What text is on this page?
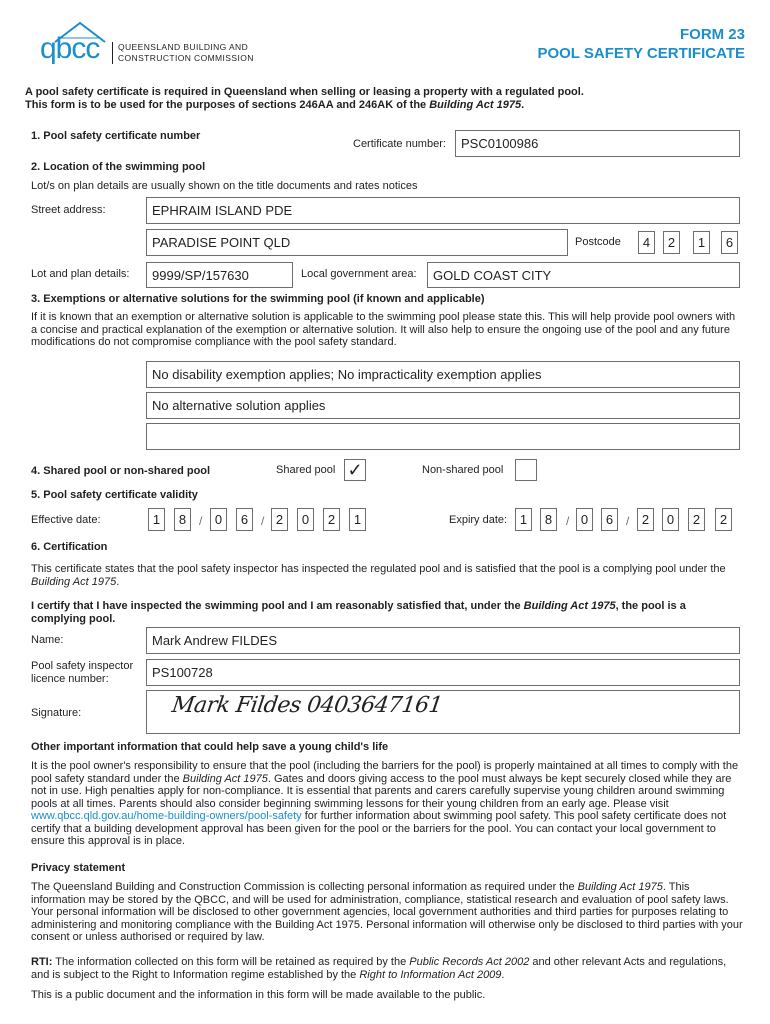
qbcc QUEENSLAND BUILDING AND
CONSTRUCTION COMMISSION
FORM 23
POOL SAFETY CERTIFICATE
A pool safety certificate is required in Queensland when selling or leasing a property with a regulated pool.
This form is to be used for the purposes of sections 246AA and 246AK of the Building Act 1975.
1. Pool safety certificate number
Certificate number:	PSC0100986
2. Location of the swimming pool
Lot/s on plan details are usually shown on the title documents and rates notices
Street address:	EPHRAIM ISLAND PDE
PARADISE POINT QLD	Postcode	4	2	1	6
Lot and plan details:	9999/SP/157630	Local government area:	GOLD COAST CITY
3. Exemptions or alternative solutions for the swimming pool (if known and applicable)
If it is known that an exemption or alternative solution is applicable to the swimming pool please state this. This will help provide pool owners with a concise and practical explanation of the exemption or alternative solution. It will also help to ensure the ongoing use of the pool and any future modifications do not compromise compliance with the pool safety standard.
No disability exemption applies; No impracticality exemption applies
No alternative solution applies
4. Shared pool or non-shared pool	Shared pool ✓	Non-shared pool
5. Pool safety certificate validity
Effective date:	1	8	/ 0	6	/ 2	0	2	1	Expiry date: 1	8	/ 0	6	/ 2	0	2	2
6. Certification
This certificate states that the pool safety inspector has inspected the regulated pool and is satisfied that the pool is a complying pool under the Building Act 1975.
I certify that I have inspected the swimming pool and I am reasonably satisfied that, under the Building Act 1975, the pool is a complying pool.
Name:	Mark Andrew FILDES
Pool safety inspector
licence number:	PS100728
Signature:	Mark Fildes 0403647161
Other important information that could help save a young child's life
It is the pool owner's responsibility to ensure that the pool (including the barriers for the pool) is properly maintained at all times to comply with the pool safety standard under the Building Act 1975. Gates and doors giving access to the pool must always be kept securely closed while they are not in use. High penalties apply for non-compliance. It is essential that parents and carers carefully supervise young children around swimming pools at all times. Parents should also consider beginning swimming lessons for their young children from an early age. Please visit www.qbcc.qld.gov.au/home-building-owners/pool-safety for further information about swimming pool safety. This pool safety certificate does not certify that a building development approval has been given for the pool or the barriers for the pool. You can contact your local government to ensure this approval is in place.
Privacy statement
The Queensland Building and Construction Commission is collecting personal information as required under the Building Act 1975. This information may be stored by the QBCC, and will be used for administration, compliance, statistical research and evaluation of pool safety laws. Your personal information will be disclosed to other government agencies, local government authorities and third parties for purposes relating to administering and monitoring compliance with the Building Act 1975. Personal information will otherwise only be disclosed to third parties with your consent or unless authorised or required by law.
RTI: The information collected on this form will be retained as required by the Public Records Act 2002 and other relevant Acts and regulations, and is subject to the Right to Information regime established by the Right to Information Act 2009.
This is a public document and the information in this form will be made available to the public.
